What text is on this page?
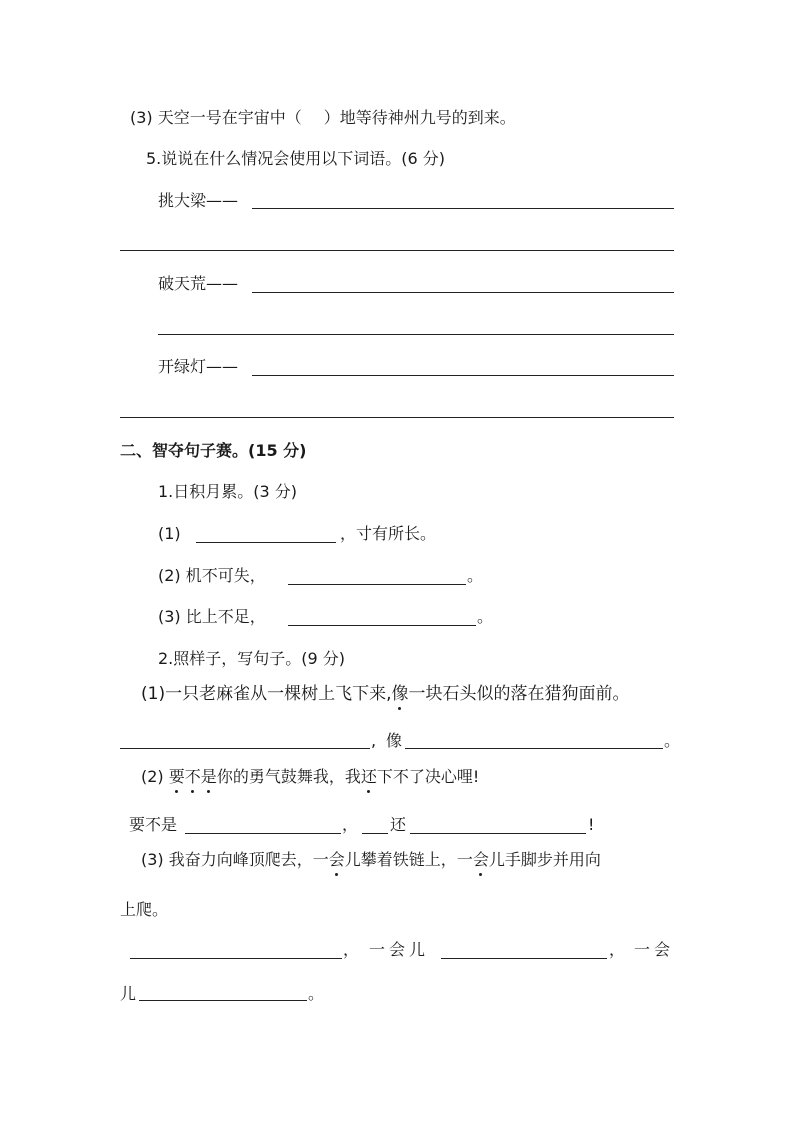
(3) 天空一号在宇宙中（ ）地等待神州九号的到来。
5.说说在什么情况会使用以下词语。(6 分)
挑大梁——
破天荒——
开绿灯——
二、智夺句子赛。(15 分)
1.日积月累。(3 分)
(1)	，寸有所长。
(2) 机不可失，	。
(3) 比上不足，	。
2.照样子，写句子。(9 分)
(1)一只老麻雀从一棵树上飞下来,像一块石头似的落在猎狗面前。
, 像	。
(2) 要不是你的勇气鼓舞我，我还下不了决心哩!
要不是	， 还	!
(3) 我奋力向峰顶爬去，一会儿攀着铁链上，一会儿手脚步并用向
上爬。
， 一会儿	， 一会
儿	。
